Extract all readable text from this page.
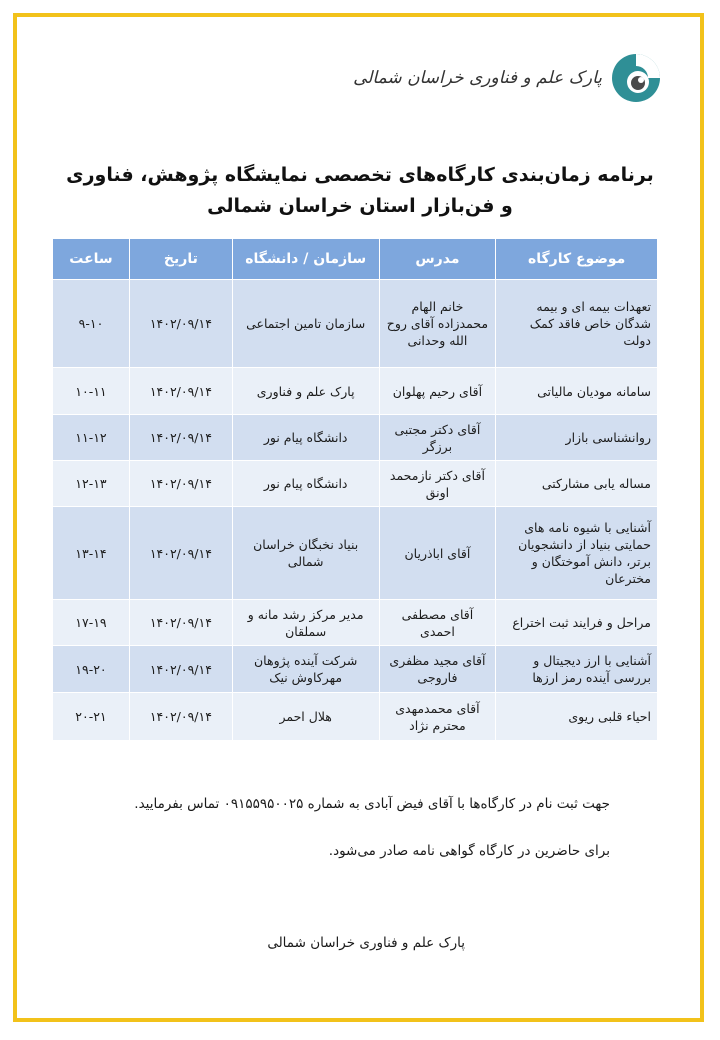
پارک علم و فناوری خراسان شمالی
برنامه زمان‌بندی کارگاه‌های تخصصی نمایشگاه پژوهش، فناوری
و فن‌بازار استان خراسان شمالی
موضوع کارگاه	مدرس	سازمان / دانشگاه	تاریخ	ساعت
تعهدات بیمه ای و بیمه شدگان خاص فاقد کمک دولت	خانم الهام محمدزاده آقای روح الله وحدانی	سازمان تامین اجتماعی	۱۴۰۲/۰۹/۱۴	۹-۱۰
سامانه مودیان مالیاتی	آقای رحیم پهلوان	پارک علم و فناوری	۱۴۰۲/۰۹/۱۴	۱۰-۱۱
روانشناسی بازار	آقای دکتر مجتبی برزگر	دانشگاه پیام نور	۱۴۰۲/۰۹/۱۴	۱۱-۱۲
مساله یابی مشارکتی	آقای دکتر نازمحمد اونق	دانشگاه پیام نور	۱۴۰۲/۰۹/۱۴	۱۲-۱۳
آشنایی با شیوه نامه های حمایتی بنیاد از دانشجویان برتر، دانش آموختگان و مخترعان	آقای اباذریان	بنیاد نخبگان خراسان شمالی	۱۴۰۲/۰۹/۱۴	۱۳-۱۴
مراحل و فرایند ثبت اختراع	آقای مصطفی احمدی	مدیر مرکز رشد مانه و سملقان	۱۴۰۲/۰۹/۱۴	۱۷-۱۹
آشنایی با ارز دیجیتال و بررسی آینده رمز ارزها	آقای مجید مظفری فاروجی	شرکت آینده پژوهان مهرکاوش نیک	۱۴۰۲/۰۹/۱۴	۱۹-۲۰
احیاء قلبی ریوی	آقای محمدمهدی محترم نژاد	هلال احمر	۱۴۰۲/۰۹/۱۴	۲۰-۲۱
جهت ثبت نام در کارگاه‌ها با آقای فیض آبادی به شماره ۰۹۱۵۵۹۵۰۰۲۵ تماس بفرمایید.
برای حاضرین در کارگاه گواهی نامه صادر می‌شود.
پارک علم و فناوری خراسان شمالی
